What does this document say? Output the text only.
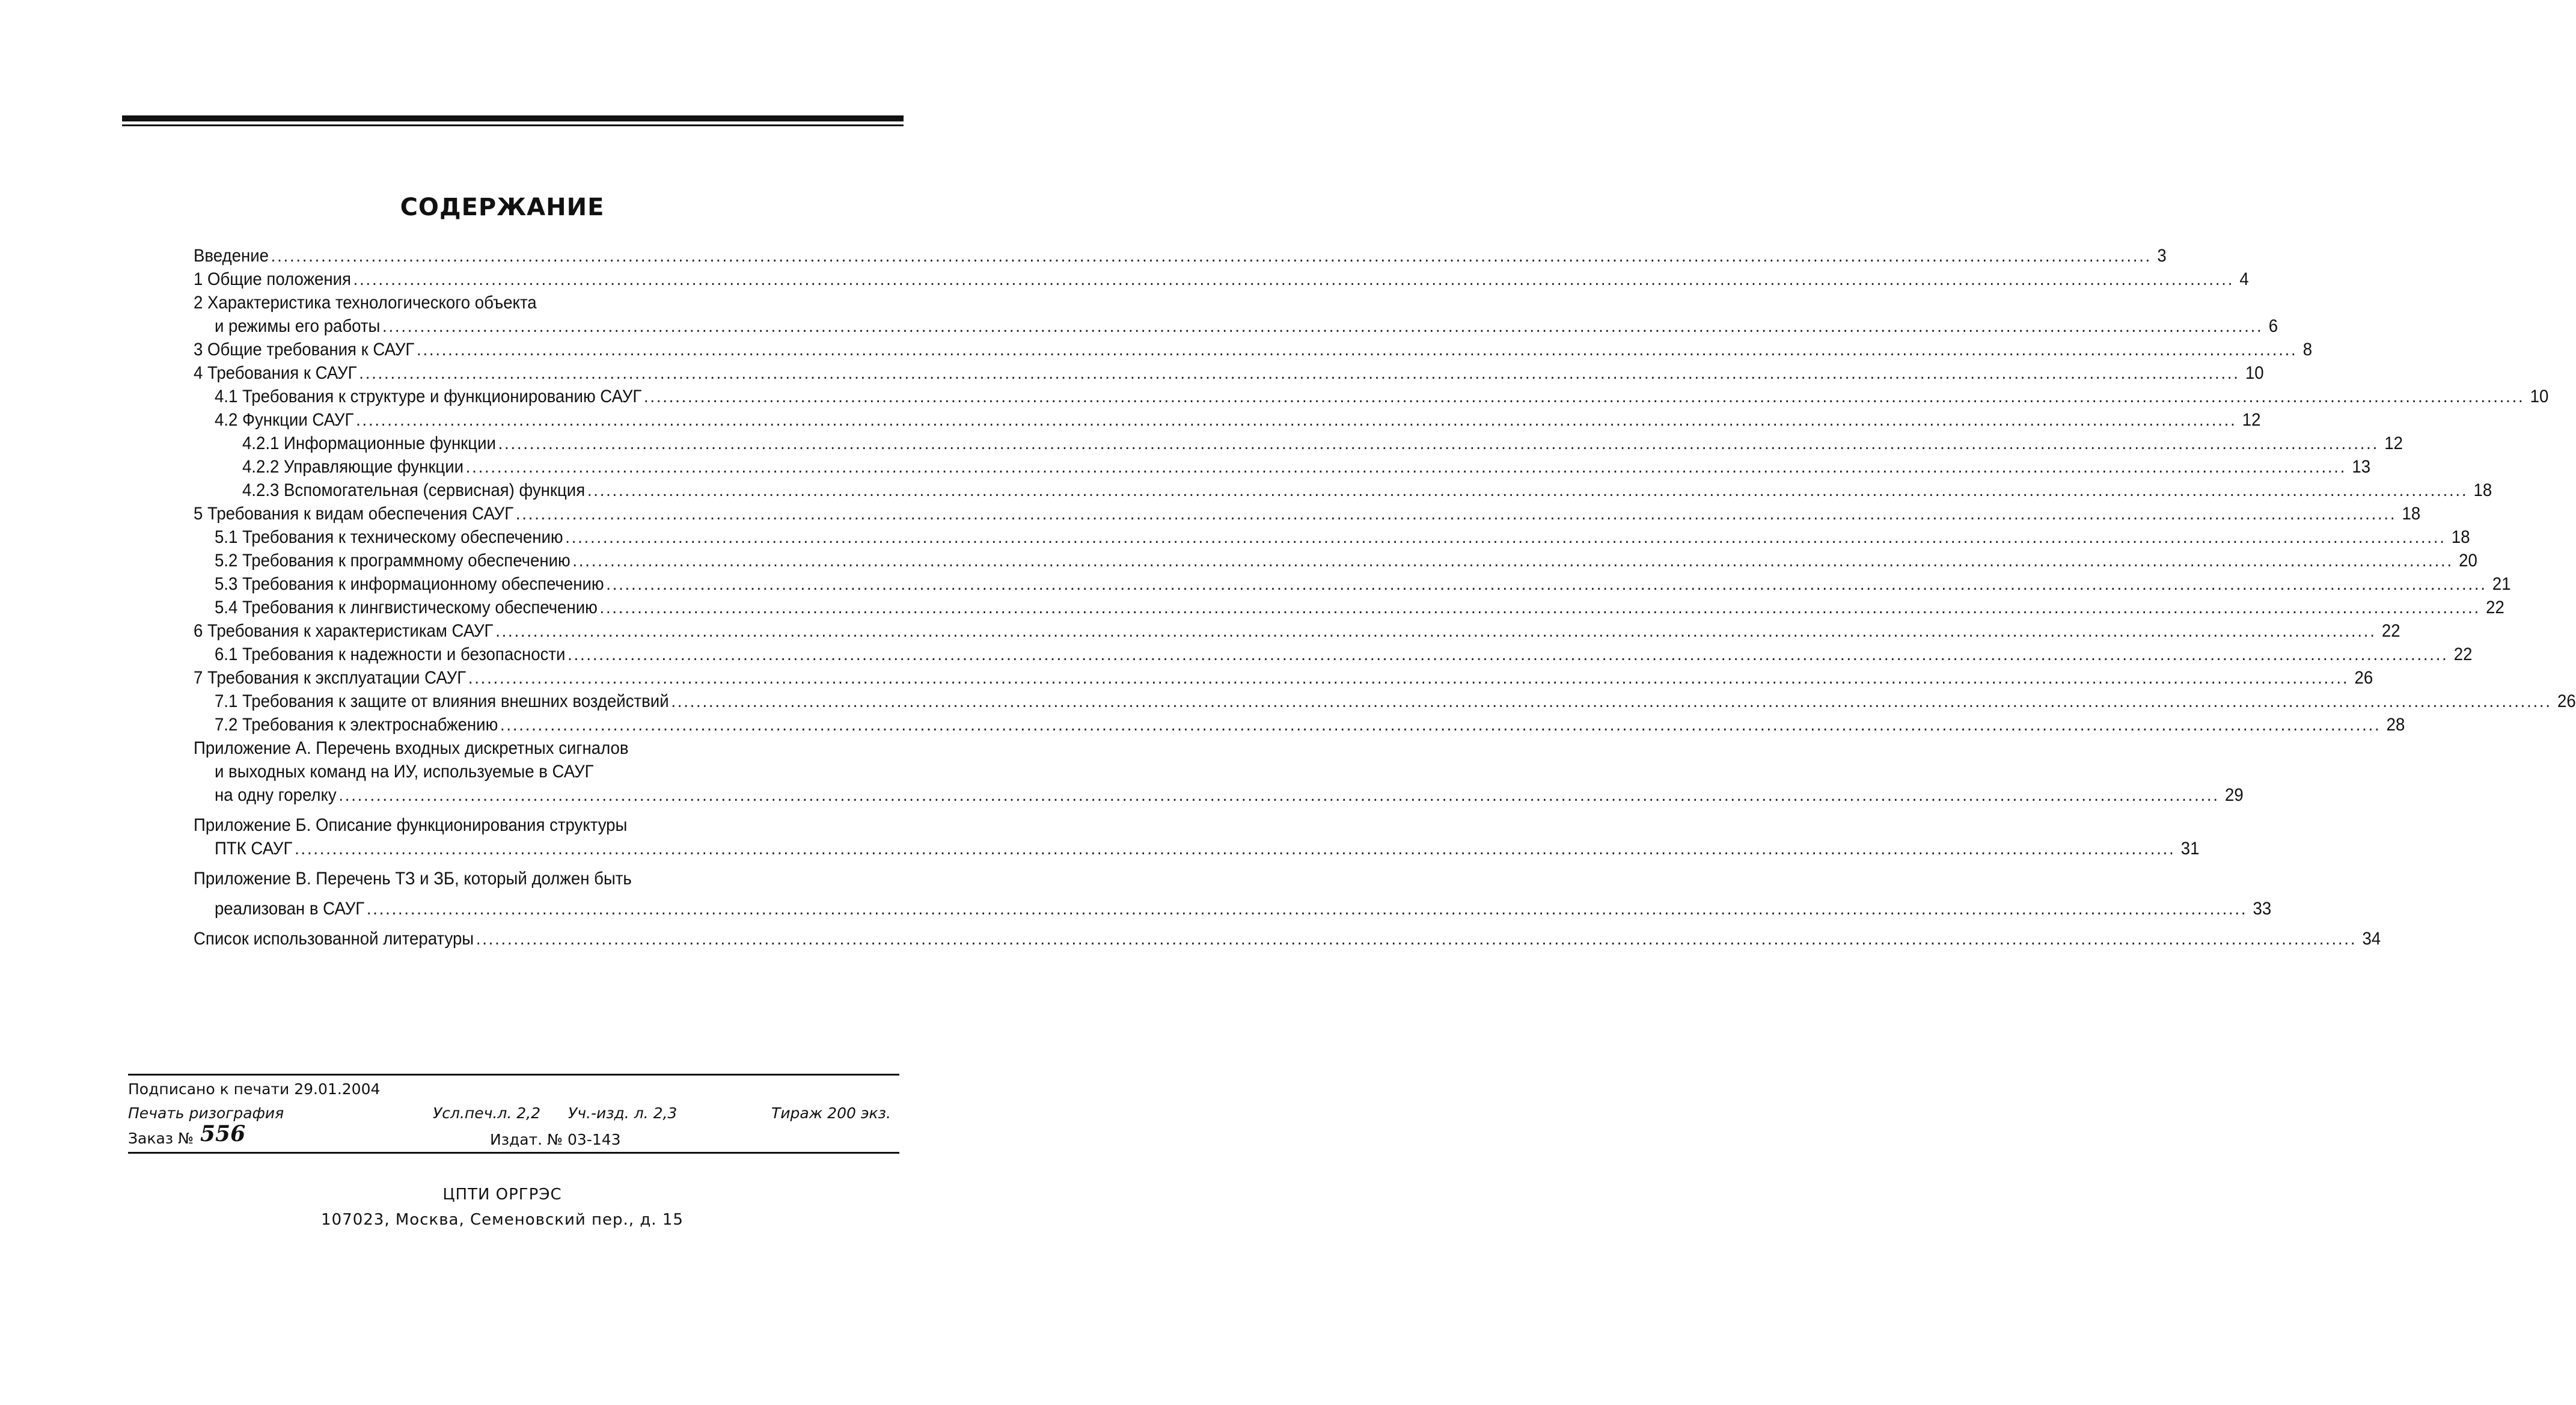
СОДЕРЖАНИЕ
Введение ............................................................................................................................................................................................................................................................................................................ 3
1 Общие положения ............................................................................................................................................................................................................................................................................................................ 4
2 Характеристика технологического объекта
и режимы его работы ............................................................................................................................................................................................................................................................................................................ 6
3 Общие требования к САУГ ............................................................................................................................................................................................................................................................................................................ 8
4 Требования к САУГ ............................................................................................................................................................................................................................................................................................................ 10
4.1 Требования к структуре и функционированию САУГ ............................................................................................................................................................................................................................................................................................................ 10
4.2 Функции САУГ ............................................................................................................................................................................................................................................................................................................ 12
4.2.1 Информационные функции ............................................................................................................................................................................................................................................................................................................ 12
4.2.2 Управляющие функции ............................................................................................................................................................................................................................................................................................................ 13
4.2.3 Вспомогательная (сервисная) функция ............................................................................................................................................................................................................................................................................................................ 18
5 Требования к видам обеспечения САУГ ............................................................................................................................................................................................................................................................................................................ 18
5.1 Требования к техническому обеспечению ............................................................................................................................................................................................................................................................................................................ 18
5.2 Требования к программному обеспечению ............................................................................................................................................................................................................................................................................................................ 20
5.3 Требования к информационному обеспечению ............................................................................................................................................................................................................................................................................................................ 21
5.4 Требования к лингвистическому обеспечению ............................................................................................................................................................................................................................................................................................................ 22
6 Требования к характеристикам САУГ ............................................................................................................................................................................................................................................................................................................ 22
6.1 Требования к надежности и безопасности ............................................................................................................................................................................................................................................................................................................ 22
7 Требования к эксплуатации САУГ ............................................................................................................................................................................................................................................................................................................ 26
7.1 Требования к защите от влияния внешних воздействий ............................................................................................................................................................................................................................................................................................................ 26
7.2 Требования к электроснабжению ............................................................................................................................................................................................................................................................................................................ 28
Приложение А. Перечень входных дискретных сигналов
и выходных команд на ИУ, используемые в САУГ
на одну горелку ............................................................................................................................................................................................................................................................................................................ 29
Приложение Б. Описание функционирования структуры
ПТК САУГ ............................................................................................................................................................................................................................................................................................................ 31
Приложение В. Перечень ТЗ и ЗБ, который должен быть
реализован в САУГ ............................................................................................................................................................................................................................................................................................................ 33
Список использованной литературы ............................................................................................................................................................................................................................................................................................................ 34
Подписано к печати 29.01.2004
Печать ризография	Усл.печ.л. 2,2 Уч.-изд. л. 2,3	Тираж 200 экз.
Заказ № 556	Издат. № 03-143
ЦПТИ ОРГРЭС
107023, Москва, Семеновский пер., д. 15
